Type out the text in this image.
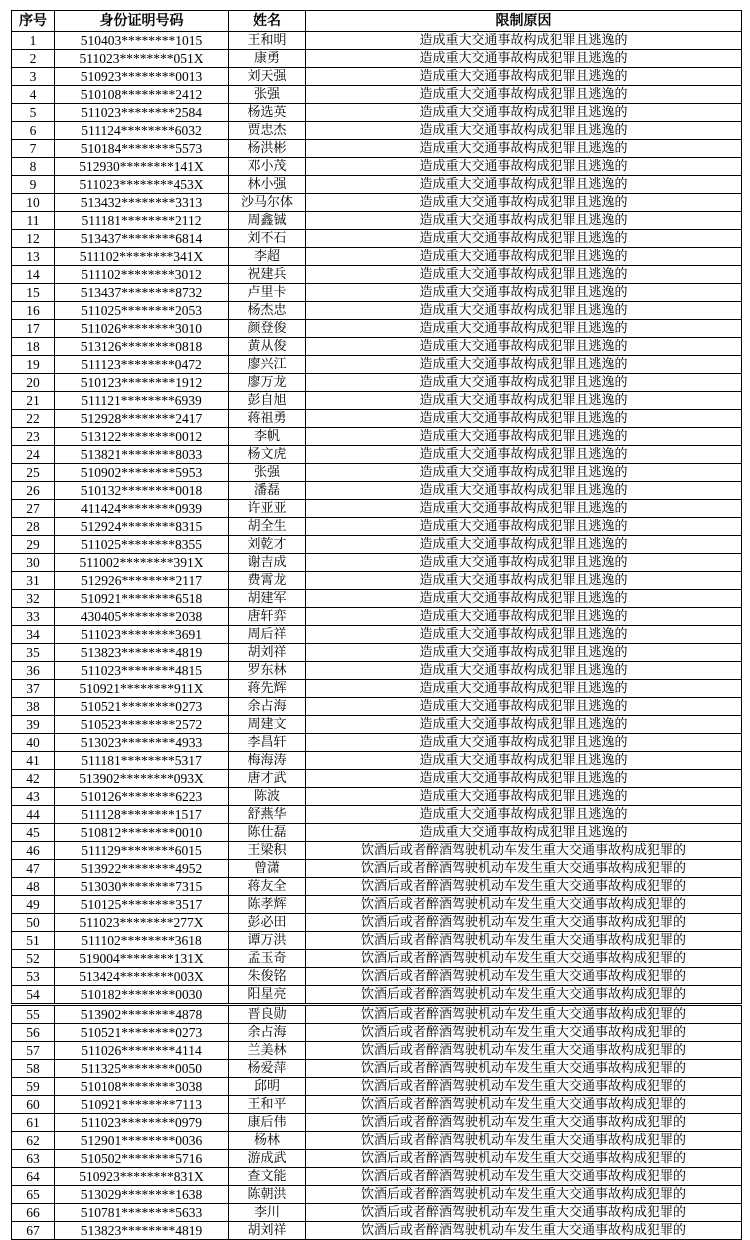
序号	身份证明号码	姓名	限制原因
1	510403********1015	王和明	造成重大交通事故构成犯罪且逃逸的
2	511023********051X	康勇	造成重大交通事故构成犯罪且逃逸的
3	510923********0013	刘天强	造成重大交通事故构成犯罪且逃逸的
4	510108********2412	张强	造成重大交通事故构成犯罪且逃逸的
5	511023********2584	杨选英	造成重大交通事故构成犯罪且逃逸的
6	511124********6032	贾忠杰	造成重大交通事故构成犯罪且逃逸的
7	510184********5573	杨洪彬	造成重大交通事故构成犯罪且逃逸的
8	512930********141X	邓小茂	造成重大交通事故构成犯罪且逃逸的
9	511023********453X	林小强	造成重大交通事故构成犯罪且逃逸的
10	513432********3313	沙马尔体	造成重大交通事故构成犯罪且逃逸的
11	511181********2112	周鑫铖	造成重大交通事故构成犯罪且逃逸的
12	513437********6814	刘不石	造成重大交通事故构成犯罪且逃逸的
13	511102********341X	李超	造成重大交通事故构成犯罪且逃逸的
14	511102********3012	祝建兵	造成重大交通事故构成犯罪且逃逸的
15	513437********8732	卢里卡	造成重大交通事故构成犯罪且逃逸的
16	511025********2053	杨杰忠	造成重大交通事故构成犯罪且逃逸的
17	511026********3010	颜登俊	造成重大交通事故构成犯罪且逃逸的
18	513126********0818	黄从俊	造成重大交通事故构成犯罪且逃逸的
19	511123********0472	廖兴江	造成重大交通事故构成犯罪且逃逸的
20	510123********1912	廖万龙	造成重大交通事故构成犯罪且逃逸的
21	511121********6939	彭自旭	造成重大交通事故构成犯罪且逃逸的
22	512928********2417	蒋祖勇	造成重大交通事故构成犯罪且逃逸的
23	513122********0012	李帆	造成重大交通事故构成犯罪且逃逸的
24	513821********8033	杨文虎	造成重大交通事故构成犯罪且逃逸的
25	510902********5953	张强	造成重大交通事故构成犯罪且逃逸的
26	510132********0018	潘磊	造成重大交通事故构成犯罪且逃逸的
27	411424********0939	许亚亚	造成重大交通事故构成犯罪且逃逸的
28	512924********8315	胡全生	造成重大交通事故构成犯罪且逃逸的
29	511025********8355	刘乾才	造成重大交通事故构成犯罪且逃逸的
30	511002********391X	谢吉成	造成重大交通事故构成犯罪且逃逸的
31	512926********2117	费霄龙	造成重大交通事故构成犯罪且逃逸的
32	510921********6518	胡建军	造成重大交通事故构成犯罪且逃逸的
33	430405********2038	唐轩弈	造成重大交通事故构成犯罪且逃逸的
34	511023********3691	周后祥	造成重大交通事故构成犯罪且逃逸的
35	513823********4819	胡刘祥	造成重大交通事故构成犯罪且逃逸的
36	511023********4815	罗东林	造成重大交通事故构成犯罪且逃逸的
37	510921********911X	蒋先辉	造成重大交通事故构成犯罪且逃逸的
38	510521********0273	余占海	造成重大交通事故构成犯罪且逃逸的
39	510523********2572	周建文	造成重大交通事故构成犯罪且逃逸的
40	513023********4933	李昌轩	造成重大交通事故构成犯罪且逃逸的
41	511181********5317	梅海涛	造成重大交通事故构成犯罪且逃逸的
42	513902********093X	唐才武	造成重大交通事故构成犯罪且逃逸的
43	510126********6223	陈波	造成重大交通事故构成犯罪且逃逸的
44	511128********1517	舒燕华	造成重大交通事故构成犯罪且逃逸的
45	510812********0010	陈仕磊	造成重大交通事故构成犯罪且逃逸的
46	511129********6015	王梁积	饮酒后或者醉酒驾驶机动车发生重大交通事故构成犯罪的
47	513922********4952	曾潇	饮酒后或者醉酒驾驶机动车发生重大交通事故构成犯罪的
48	513030********7315	蒋友全	饮酒后或者醉酒驾驶机动车发生重大交通事故构成犯罪的
49	510125********3517	陈孝辉	饮酒后或者醉酒驾驶机动车发生重大交通事故构成犯罪的
50	511023********277X	彭必田	饮酒后或者醉酒驾驶机动车发生重大交通事故构成犯罪的
51	511102********3618	谭万洪	饮酒后或者醉酒驾驶机动车发生重大交通事故构成犯罪的
52	519004********131X	孟玉奇	饮酒后或者醉酒驾驶机动车发生重大交通事故构成犯罪的
53	513424********003X	朱俊铭	饮酒后或者醉酒驾驶机动车发生重大交通事故构成犯罪的
54	510182********0030	阳星亮	饮酒后或者醉酒驾驶机动车发生重大交通事故构成犯罪的
55	513902********4878	晋良勋	饮酒后或者醉酒驾驶机动车发生重大交通事故构成犯罪的
56	510521********0273	余占海	饮酒后或者醉酒驾驶机动车发生重大交通事故构成犯罪的
57	511026********4114	兰美林	饮酒后或者醉酒驾驶机动车发生重大交通事故构成犯罪的
58	511325********0050	杨爱萍	饮酒后或者醉酒驾驶机动车发生重大交通事故构成犯罪的
59	510108********3038	邱明	饮酒后或者醉酒驾驶机动车发生重大交通事故构成犯罪的
60	510921********7113	王和平	饮酒后或者醉酒驾驶机动车发生重大交通事故构成犯罪的
61	511023********0979	康后伟	饮酒后或者醉酒驾驶机动车发生重大交通事故构成犯罪的
62	512901********0036	杨林	饮酒后或者醉酒驾驶机动车发生重大交通事故构成犯罪的
63	510502********5716	游成武	饮酒后或者醉酒驾驶机动车发生重大交通事故构成犯罪的
64	510923********831X	查文能	饮酒后或者醉酒驾驶机动车发生重大交通事故构成犯罪的
65	513029********1638	陈朝洪	饮酒后或者醉酒驾驶机动车发生重大交通事故构成犯罪的
66	510781********5633	李川	饮酒后或者醉酒驾驶机动车发生重大交通事故构成犯罪的
67	513823********4819	胡刘祥	饮酒后或者醉酒驾驶机动车发生重大交通事故构成犯罪的
